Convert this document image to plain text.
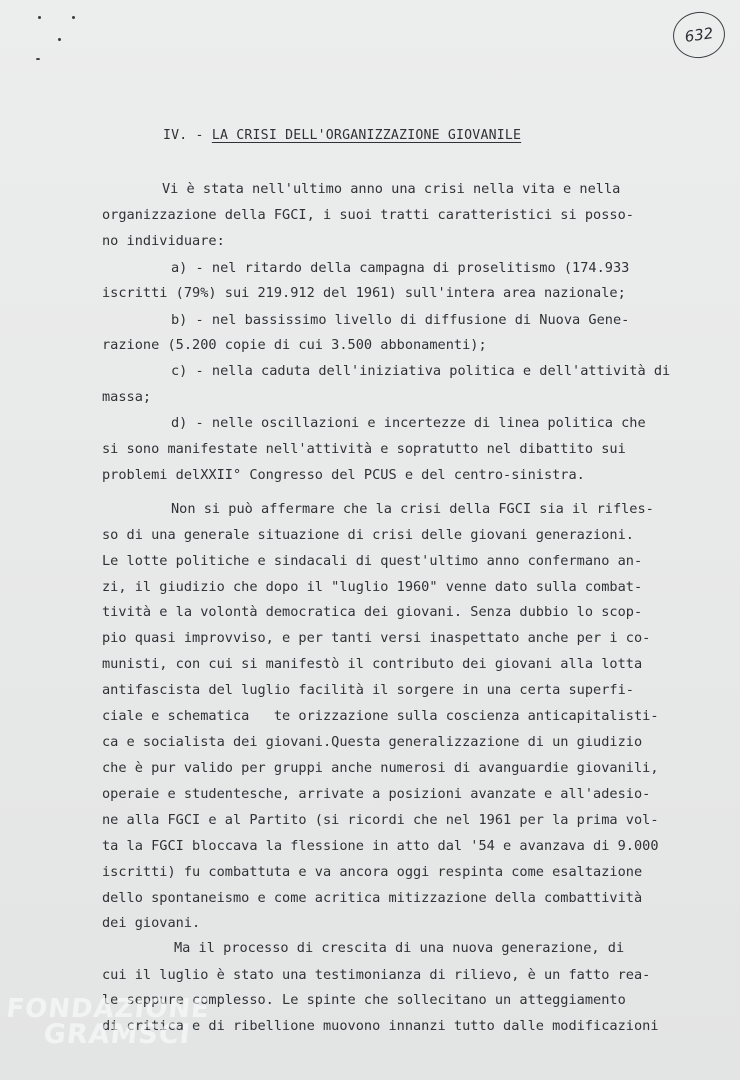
632
IV. - LA CRISI DELL'ORGANIZZAZIONE GIOVANILE
Vi è stata nell'ultimo anno una crisi nella vita e nella
organizzazione della FGCI, i suoi tratti caratteristici si posso-
no individuare:
a) - nel ritardo della campagna di proselitismo (174.933
iscritti (79%) sui 219.912 del 1961) sull'intera area nazionale;
b) - nel bassissimo livello di diffusione di Nuova Gene-
razione (5.200 copie di cui 3.500 abbonamenti);
c) - nella caduta dell'iniziativa politica e dell'attività di
massa;
d) - nelle oscillazioni e incertezze di linea politica che
si sono manifestate nell'attività e sopratutto nel dibattito sui
problemi delXXII° Congresso del PCUS e del centro-sinistra.
Non si può affermare che la crisi della FGCI sia il rifles-
so di una generale situazione di crisi delle giovani generazioni.
Le lotte politiche e sindacali di quest'ultimo anno confermano an-
zi, il giudizio che dopo il "luglio 1960" venne dato sulla combat-
tività e la volontà democratica dei giovani. Senza dubbio lo scop-
pio quasi improvviso, e per tanti versi inaspettato anche per i co-
munisti, con cui si manifestò il contributo dei giovani alla lotta
antifascista del luglio facilità il sorgere in una certa superfi-
ciale e schematica   te orizzazione sulla coscienza anticapitalisti-
ca e socialista dei giovani.Questa generalizzazione di un giudizio
che è pur valido per gruppi anche numerosi di avanguardie giovanili,
operaie e studentesche, arrivate a posizioni avanzate e all'adesio-
ne alla FGCI e al Partito (si ricordi che nel 1961 per la prima vol-
ta la FGCI bloccava la flessione in atto dal '54 e avanzava di 9.000
iscritti) fu combattuta e va ancora oggi respinta come esaltazione
dello spontaneismo e come acritica mitizzazione della combattività
dei giovani.
Ma il processo di crescita di una nuova generazione, di
cui il luglio è stato una testimonianza di rilievo, è un fatto rea-
le seppure complesso. Le spinte che sollecitano un atteggiamento
di critica e di ribellione muovono innanzi tutto dalle modificazioni
FONDAZIONE
GRAMSCI
